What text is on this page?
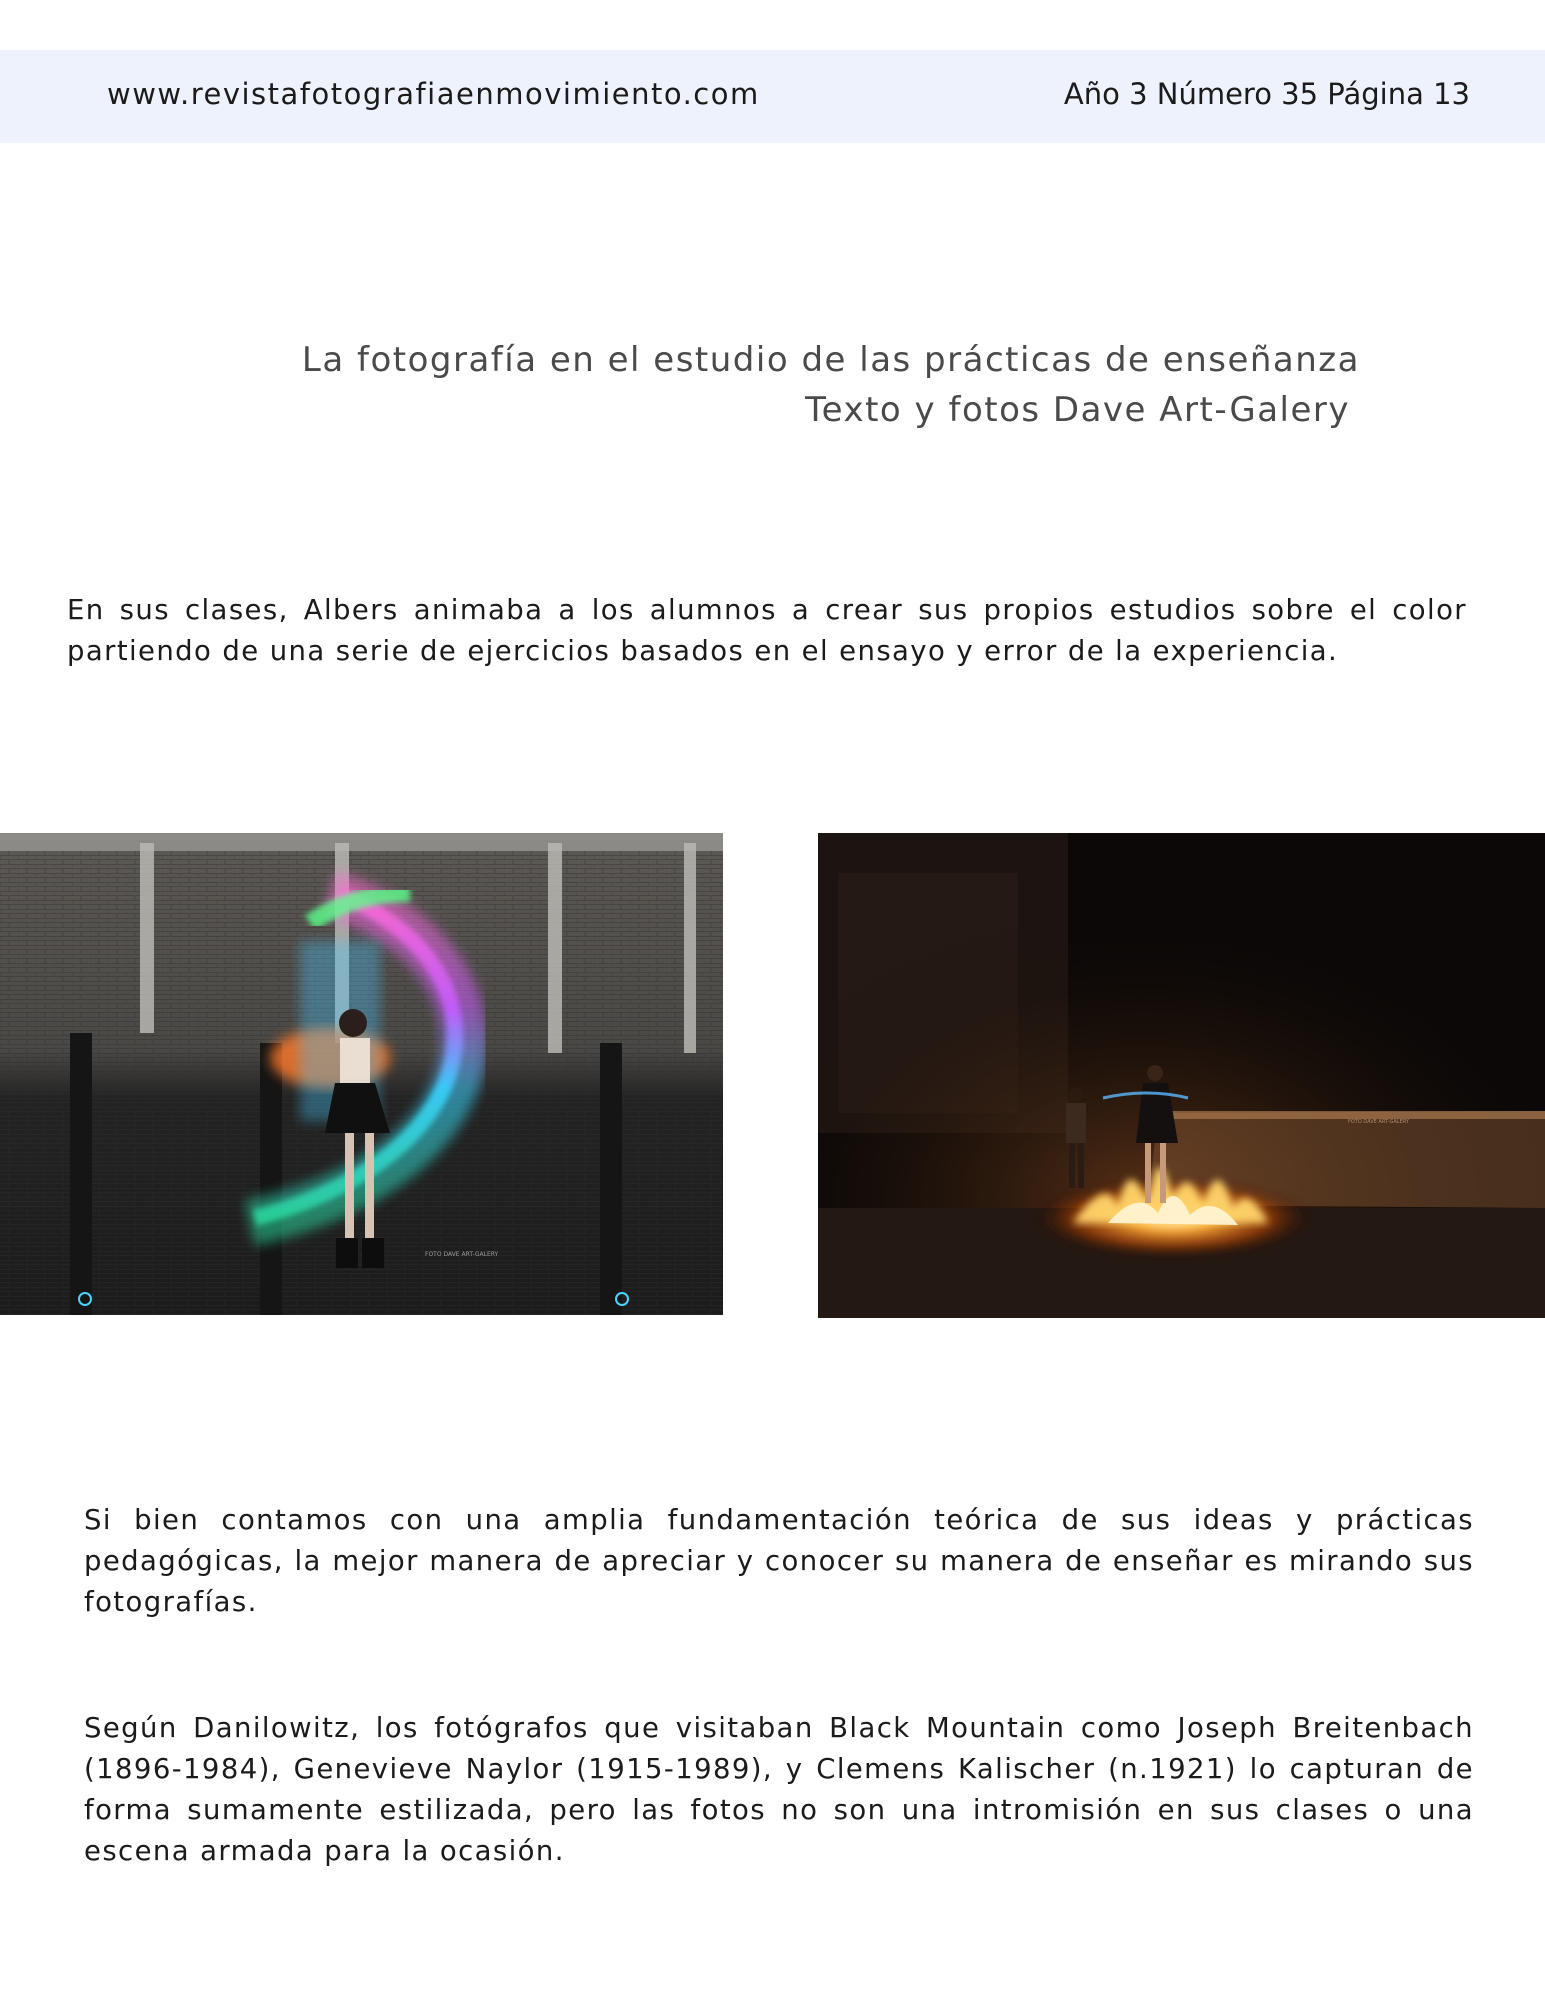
www.revistafotografiaenmovimiento.com	Año 3 Número 35 Página 13
La fotografía en el estudio de las prácticas de enseñanza
Texto y fotos Dave Art-Galery

En sus clases, Albers animaba a los alumnos a crear sus propios estudios sobre el color partiendo de una serie de ejercicios basados en el ensayo y error de la experiencia.

FOTO DAVE ART-GALERY
FOTO DAVE ART-GALERY

Si bien contamos con una amplia fundamentación teórica de sus ideas y prácticas pedagógicas, la mejor manera de apreciar y conocer su manera de enseñar es mirando sus fotografías.

Según Danilowitz, los fotógrafos que visitaban Black Mountain como Joseph Breitenbach (1896-1984), Genevieve Naylor (1915-1989), y Clemens Kalischer (n.1921) lo capturan de forma sumamente estilizada, pero las fotos no son una intromisión en sus clases o una escena armada para la ocasión.
